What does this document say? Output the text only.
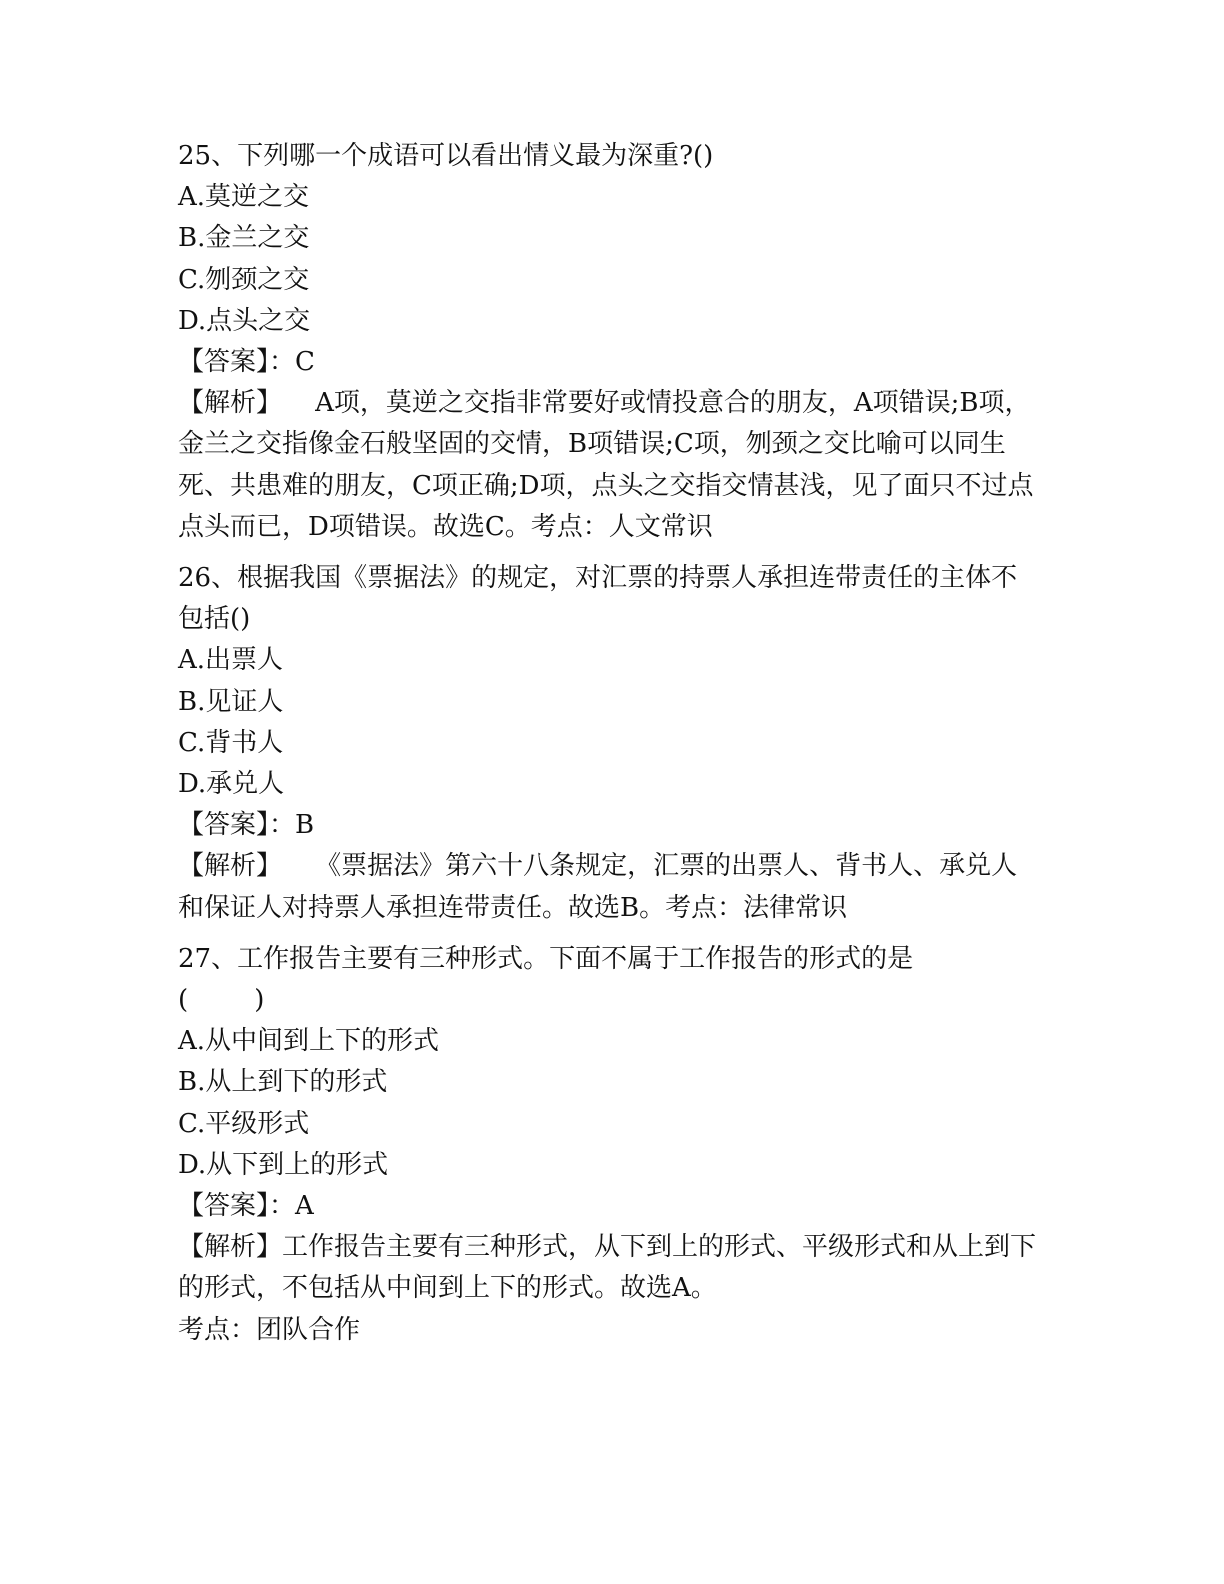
25、下列哪一个成语可以看出情义最为深重?()

A.莫逆之交

B.金兰之交

C.刎颈之交

D.点头之交

【答案】：C

【解析】    A项，莫逆之交指非常要好或情投意合的朋友，A项错误;B项，金兰之交指像金石般坚固的交情，B项错误;C项，刎颈之交比喻可以同生死、共患难的朋友，C项正确;D项，点头之交指交情甚浅，见了面只不过点点头而已，D项错误。故选C。考点：人文常识

26、根据我国《票据法》的规定，对汇票的持票人承担连带责任的主体不包括()

A.出票人

B.见证人

C.背书人

D.承兑人

【答案】：B

【解析】    《票据法》第六十八条规定，汇票的出票人、背书人、承兑人和保证人对持票人承担连带责任。故选B。考点：法律常识

27、工作报告主要有三种形式。下面不属于工作报告的形式的是

(        )

A.从中间到上下的形式

B.从上到下的形式

C.平级形式

D.从下到上的形式

【答案】：A

【解析】工作报告主要有三种形式，从下到上的形式、平级形式和从上到下的形式，不包括从中间到上下的形式。故选A。

考点：团队合作
